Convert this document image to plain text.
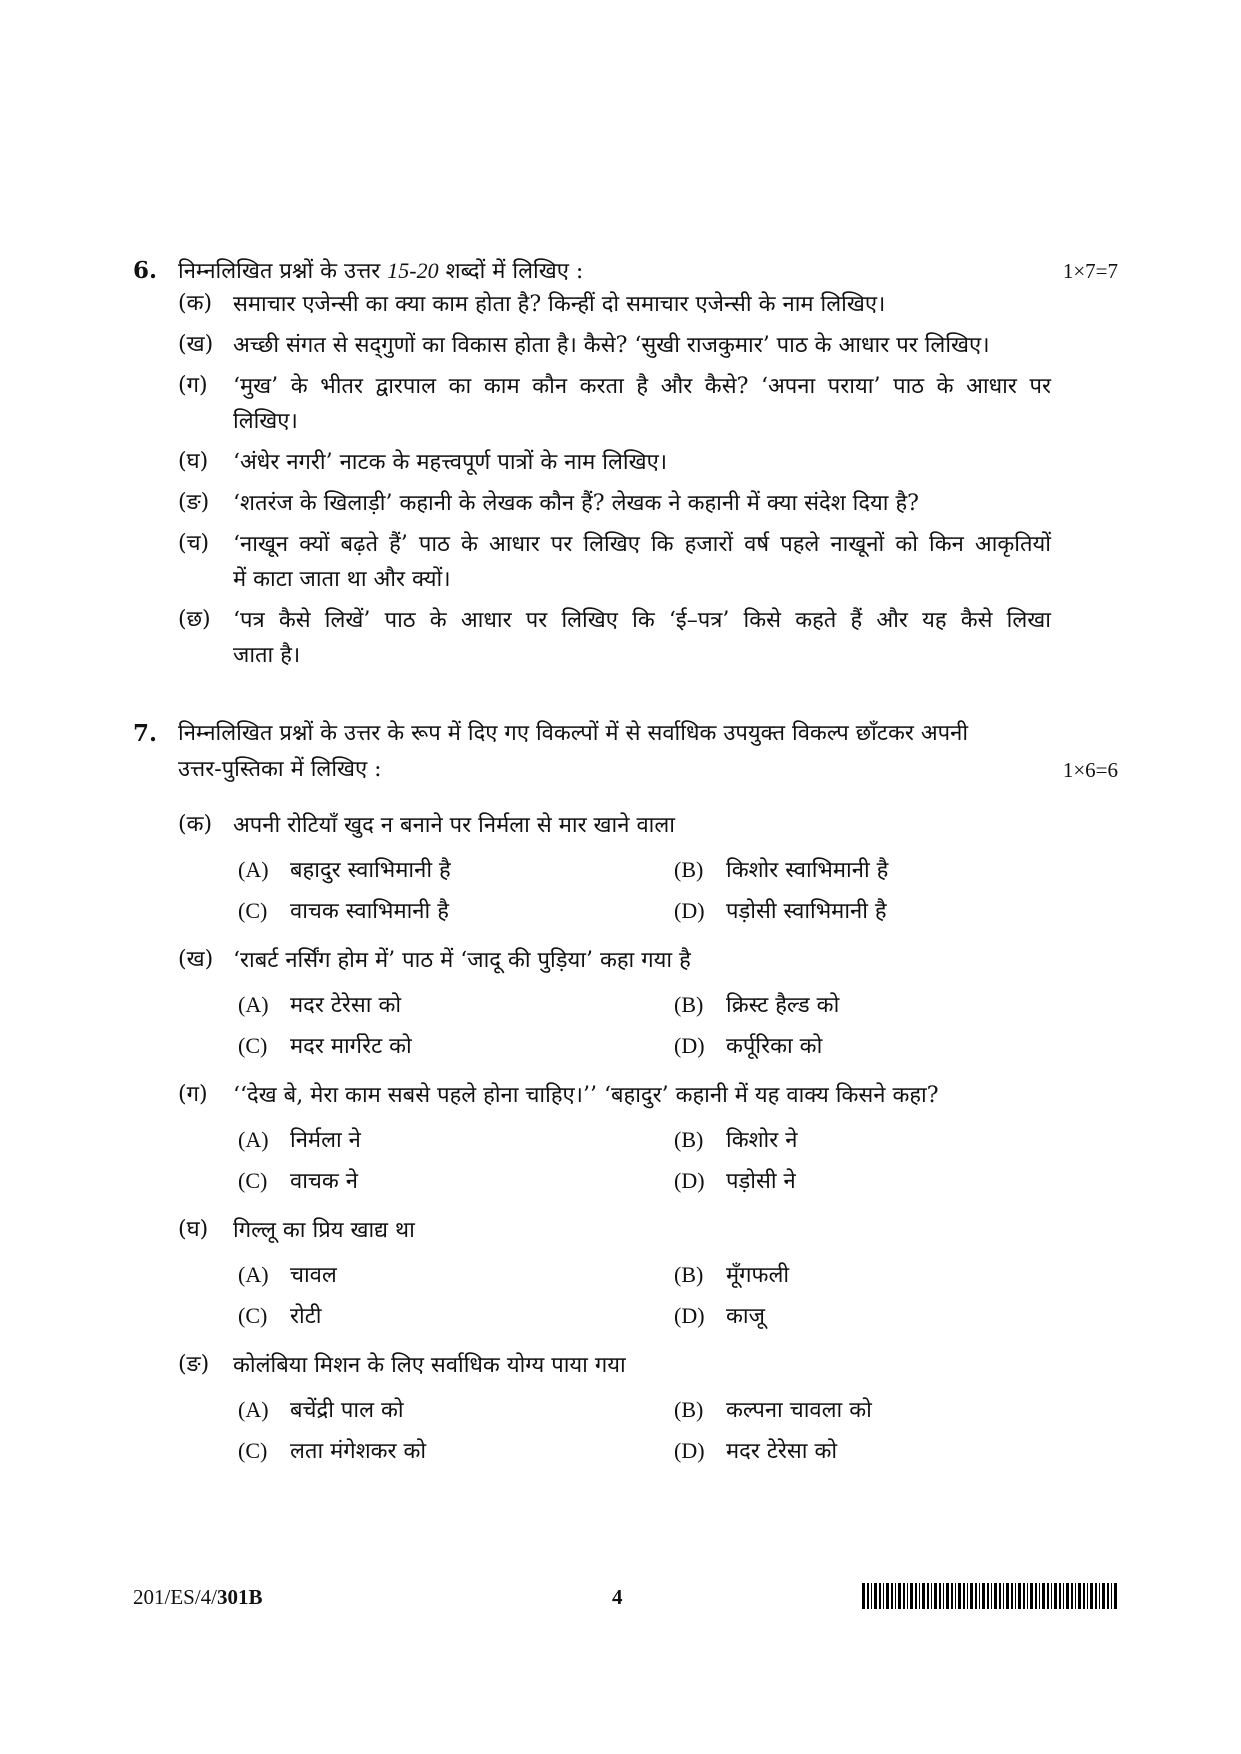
6. निम्नलिखित प्रश्नों के उत्तर 15-20 शब्दों में लिखिए :	1×7=7
(क) समाचार एजेन्सी का क्या काम होता है? किन्हीं दो समाचार एजेन्सी के नाम लिखिए।
(ख) अच्छी संगत से सद्‌गुणों का विकास होता है। कैसे? ‘सुखी राजकुमार’ पाठ के आधार पर लिखिए।
(ग) ‘मुख’ के भीतर द्वारपाल का काम कौन करता है और कैसे? ‘अपना पराया’ पाठ के आधार पर
लिखिए।
(घ) ‘अंधेर नगरी’ नाटक के महत्त्वपूर्ण पात्रों के नाम लिखिए।
(ङ) ‘शतरंज के खिलाड़ी’ कहानी के लेखक कौन हैं? लेखक ने कहानी में क्या संदेश दिया है?
(च) ‘नाखून क्यों बढ़ते हैं’ पाठ के आधार पर लिखिए कि हजारों वर्ष पहले नाखूनों को किन आकृतियों
में काटा जाता था और क्यों।
(छ) ‘पत्र कैसे लिखें’ पाठ के आधार पर लिखिए कि ‘ई–पत्र’ किसे कहते हैं और यह कैसे लिखा
जाता है।
7. निम्नलिखित प्रश्नों के उत्तर के रूप में दिए गए विकल्पों में से सर्वाधिक उपयुक्त विकल्प छाँटकर अपनी
उत्तर-पुस्तिका में लिखिए :	1×6=6
(क) अपनी रोटियाँ खुद न बनाने पर निर्मला से मार खाने वाला
(A) बहादुर स्वाभिमानी है	(B) किशोर स्वाभिमानी है
(C) वाचक स्वाभिमानी है	(D) पड़ोसी स्वाभिमानी है
(ख) ‘राबर्ट नर्सिंग होम में’ पाठ में ‘जादू की पुड़िया’ कहा गया है
(A) मदर टेरेसा को	(B) क्रिस्ट हैल्ड को
(C) मदर मार्गरेट को	(D) कर्पूरिका को
(ग) ‘‘देख बे, मेरा काम सबसे पहले होना चाहिए।’’ ‘बहादुर’ कहानी में यह वाक्य किसने कहा?
(A) निर्मला ने	(B) किशोर ने
(C) वाचक ने	(D) पड़ोसी ने
(घ) गिल्लू का प्रिय खाद्य था
(A) चावल	(B) मूँगफली
(C) रोटी	(D) काजू
(ङ) कोलंबिया मिशन के लिए सर्वाधिक योग्य पाया गया
(A) बचेंद्री पाल को	(B) कल्पना चावला को
(C) लता मंगेशकर को	(D) मदर टेरेसा को
201/ES/4/301B	4
